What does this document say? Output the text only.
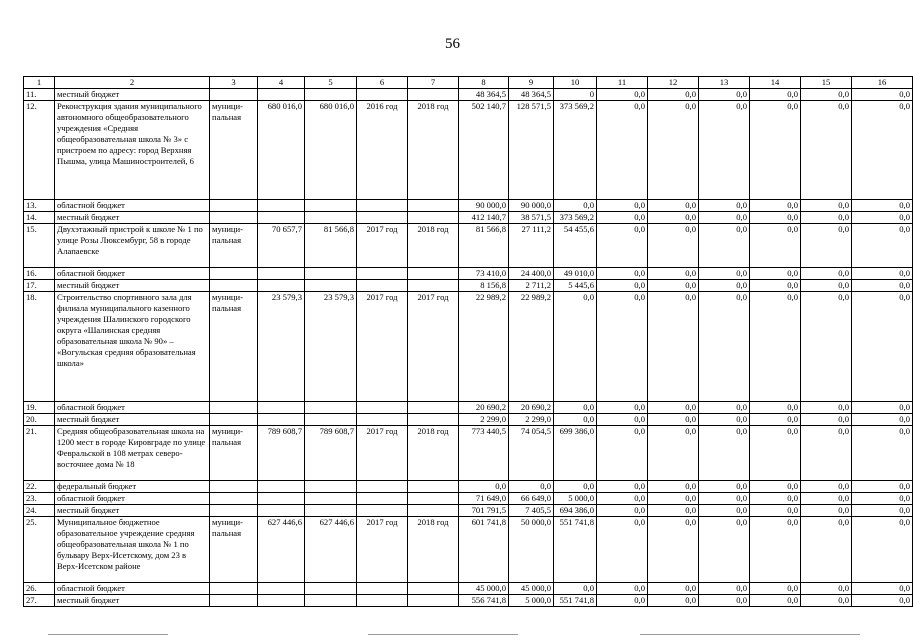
56
1	2	3	4	5	6	7	8	9	10	11	12	13	14	15	16
11.	местный бюджет						48 364,5	48 364,5	0	0,0	0,0	0,0	0,0	0,0	0,0
12.	Реконструкция здания муниципального автономного общеобразовательного учреждения «Средняя общеобразовательная школа № 3» с пристроем по адресу: город Верхняя Пышма, улица Машиностроителей, 6	муници-пальная	680 016,0	680 016,0	2016 год	2018 год	502 140,7	128 571,5	373 569,2	0,0	0,0	0,0	0,0	0,0	0,0
13.	областной бюджет						90 000,0	90 000,0	0,0	0,0	0,0	0,0	0,0	0,0	0,0
14.	местный бюджет						412 140,7	38 571,5	373 569,2	0,0	0,0	0,0	0,0	0,0	0,0
15.	Двухэтажный пристрой к школе № 1 по улице Розы Люксембург, 58 в городе Алапаевске	муници-пальная	70 657,7	81 566,8	2017 год	2018 год	81 566,8	27 111,2	54 455,6	0,0	0,0	0,0	0,0	0,0	0,0
16.	областной бюджет						73 410,0	24 400,0	49 010,0	0,0	0,0	0,0	0,0	0,0	0,0
17.	местный бюджет						8 156,8	2 711,2	5 445,6	0,0	0,0	0,0	0,0	0,0	0,0
18.	Строительство спортивного зала для филиала муниципального казенного учреждения Шалинского городского округа «Шалинская средняя образовательная школа № 90» – «Вогульская средняя образовательная школа»	муници-пальная	23 579,3	23 579,3	2017 год	2017 год	22 989,2	22 989,2	0,0	0,0	0,0	0,0	0,0	0,0	0,0
19.	областной бюджет						20 690,2	20 690,2	0,0	0,0	0,0	0,0	0,0	0,0	0,0
20.	местный бюджет						2 299,0	2 299,0	0,0	0,0	0,0	0,0	0,0	0,0	0,0
21.	Средняя общеобразовательная школа на 1200 мест в городе Кировграде по улице Февральской в 108 метрах северо-восточнее дома № 18	муници-пальная	789 608,7	789 608,7	2017 год	2018 год	773 440,5	74 054,5	699 386,0	0,0	0,0	0,0	0,0	0,0	0,0
22.	федеральный бюджет						0,0	0,0	0,0	0,0	0,0	0,0	0,0	0,0	0,0
23.	областной бюджет						71 649,0	66 649,0	5 000,0	0,0	0,0	0,0	0,0	0,0	0,0
24.	местный бюджет						701 791,5	7 405,5	694 386,0	0,0	0,0	0,0	0,0	0,0	0,0
25.	Муниципальное бюджетное образовательное учреждение средняя общеобразовательная школа № 1 по бульвару Верх-Исетскому, дом 23 в Верх-Исетском районе	муници-пальная	627 446,6	627 446,6	2017 год	2018 год	601 741,8	50 000,0	551 741,8	0,0	0,0	0,0	0,0	0,0	0,0
26.	областной бюджет						45 000,0	45 000,0	0,0	0,0	0,0	0,0	0,0	0,0	0,0
27.	местный бюджет						556 741,8	5 000,0	551 741,8	0,0	0,0	0,0	0,0	0,0	0,0
